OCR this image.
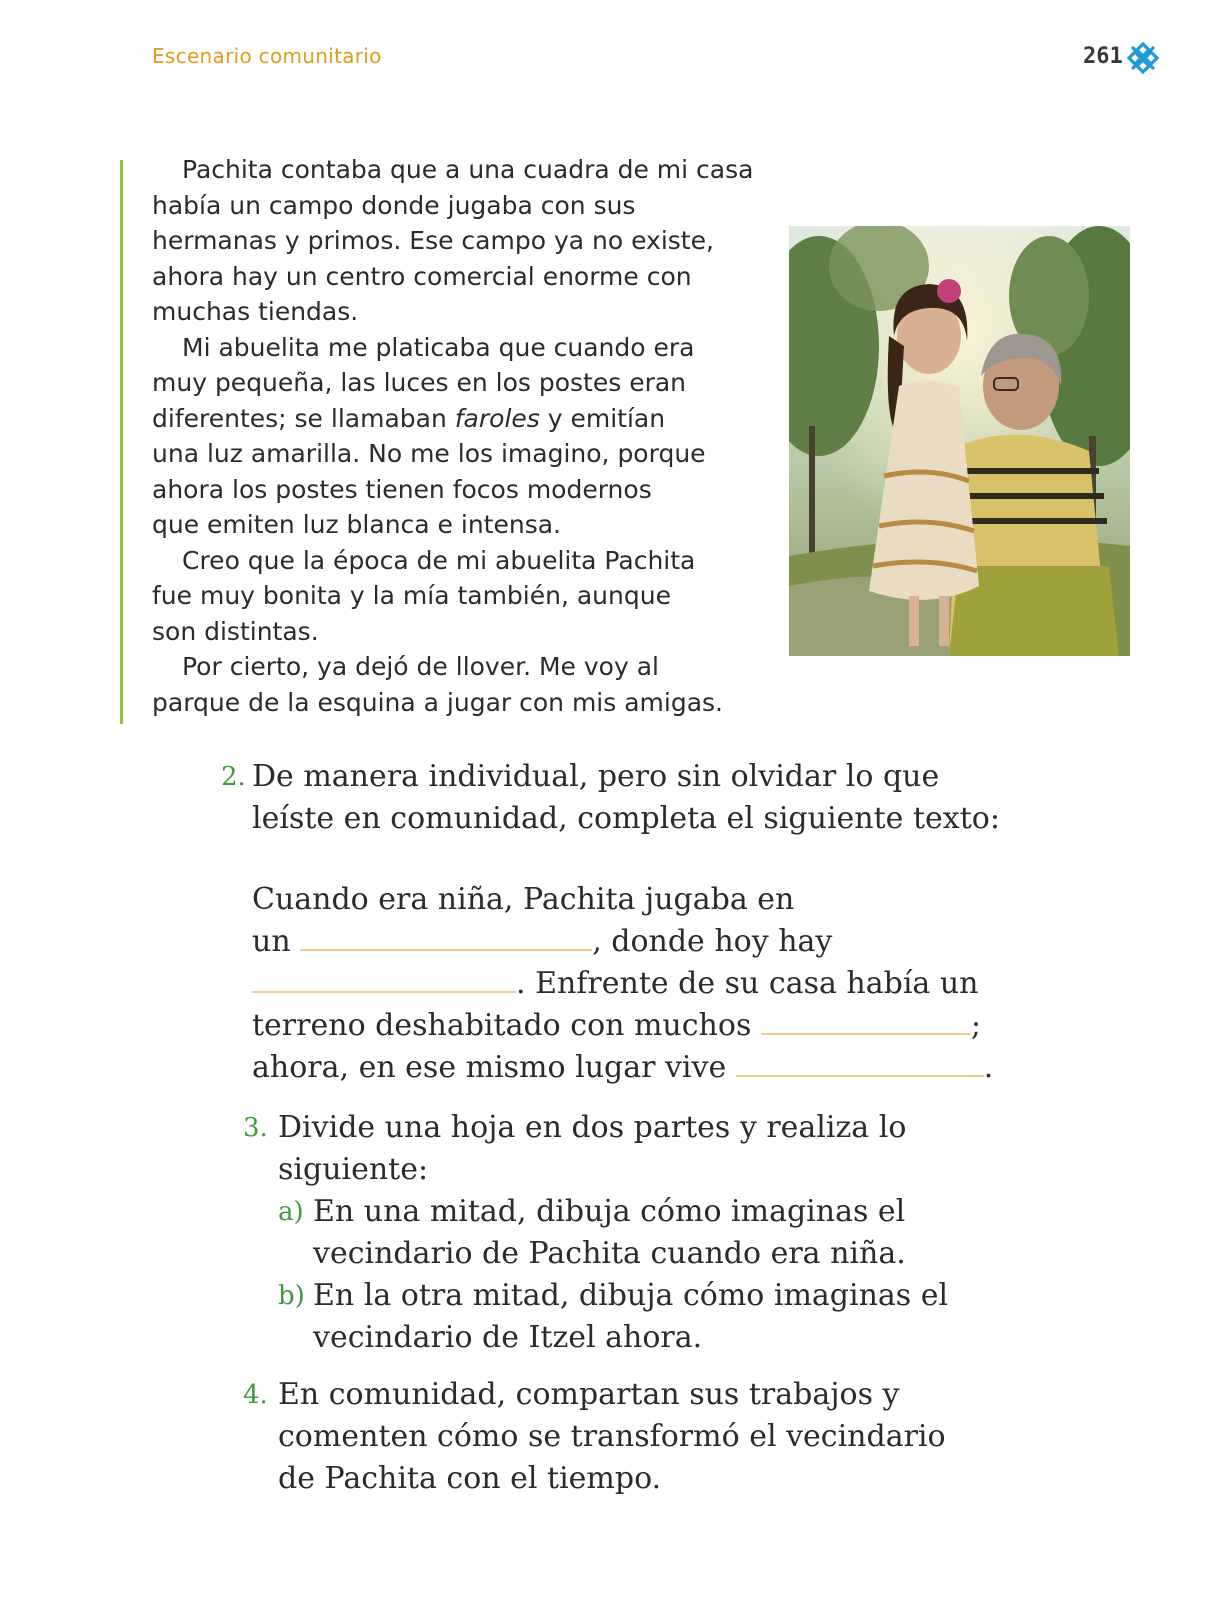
Escenario comunitario	261
Pachita contaba que a una cuadra de mi casa
había un campo donde jugaba con sus
hermanas y primos. Ese campo ya no existe,
ahora hay un centro comercial enorme con
muchas tiendas.
Mi abuelita me platicaba que cuando era
muy pequeña, las luces en los postes eran
diferentes; se llamaban faroles y emitían
una luz amarilla. No me los imagino, porque
ahora los postes tienen focos modernos
que emiten luz blanca e intensa.
Creo que la época de mi abuelita Pachita
fue muy bonita y la mía también, aunque
son distintas.
Por cierto, ya dejó de llover. Me voy al
parque de la esquina a jugar con mis amigas.
2. De manera individual, pero sin olvidar lo que
leíste en comunidad, completa el siguiente texto:
Cuando era niña, Pachita jugaba en
un	, donde hoy hay
. Enfrente de su casa había un
terreno deshabitado con muchos	;
ahora, en ese mismo lugar vive	.
3. Divide una hoja en dos partes y realiza lo
siguiente:
a) En una mitad, dibuja cómo imaginas el
vecindario de Pachita cuando era niña.
b) En la otra mitad, dibuja cómo imaginas el
vecindario de Itzel ahora.
4. En comunidad, compartan sus trabajos y
comenten cómo se transformó el vecindario
de Pachita con el tiempo.
